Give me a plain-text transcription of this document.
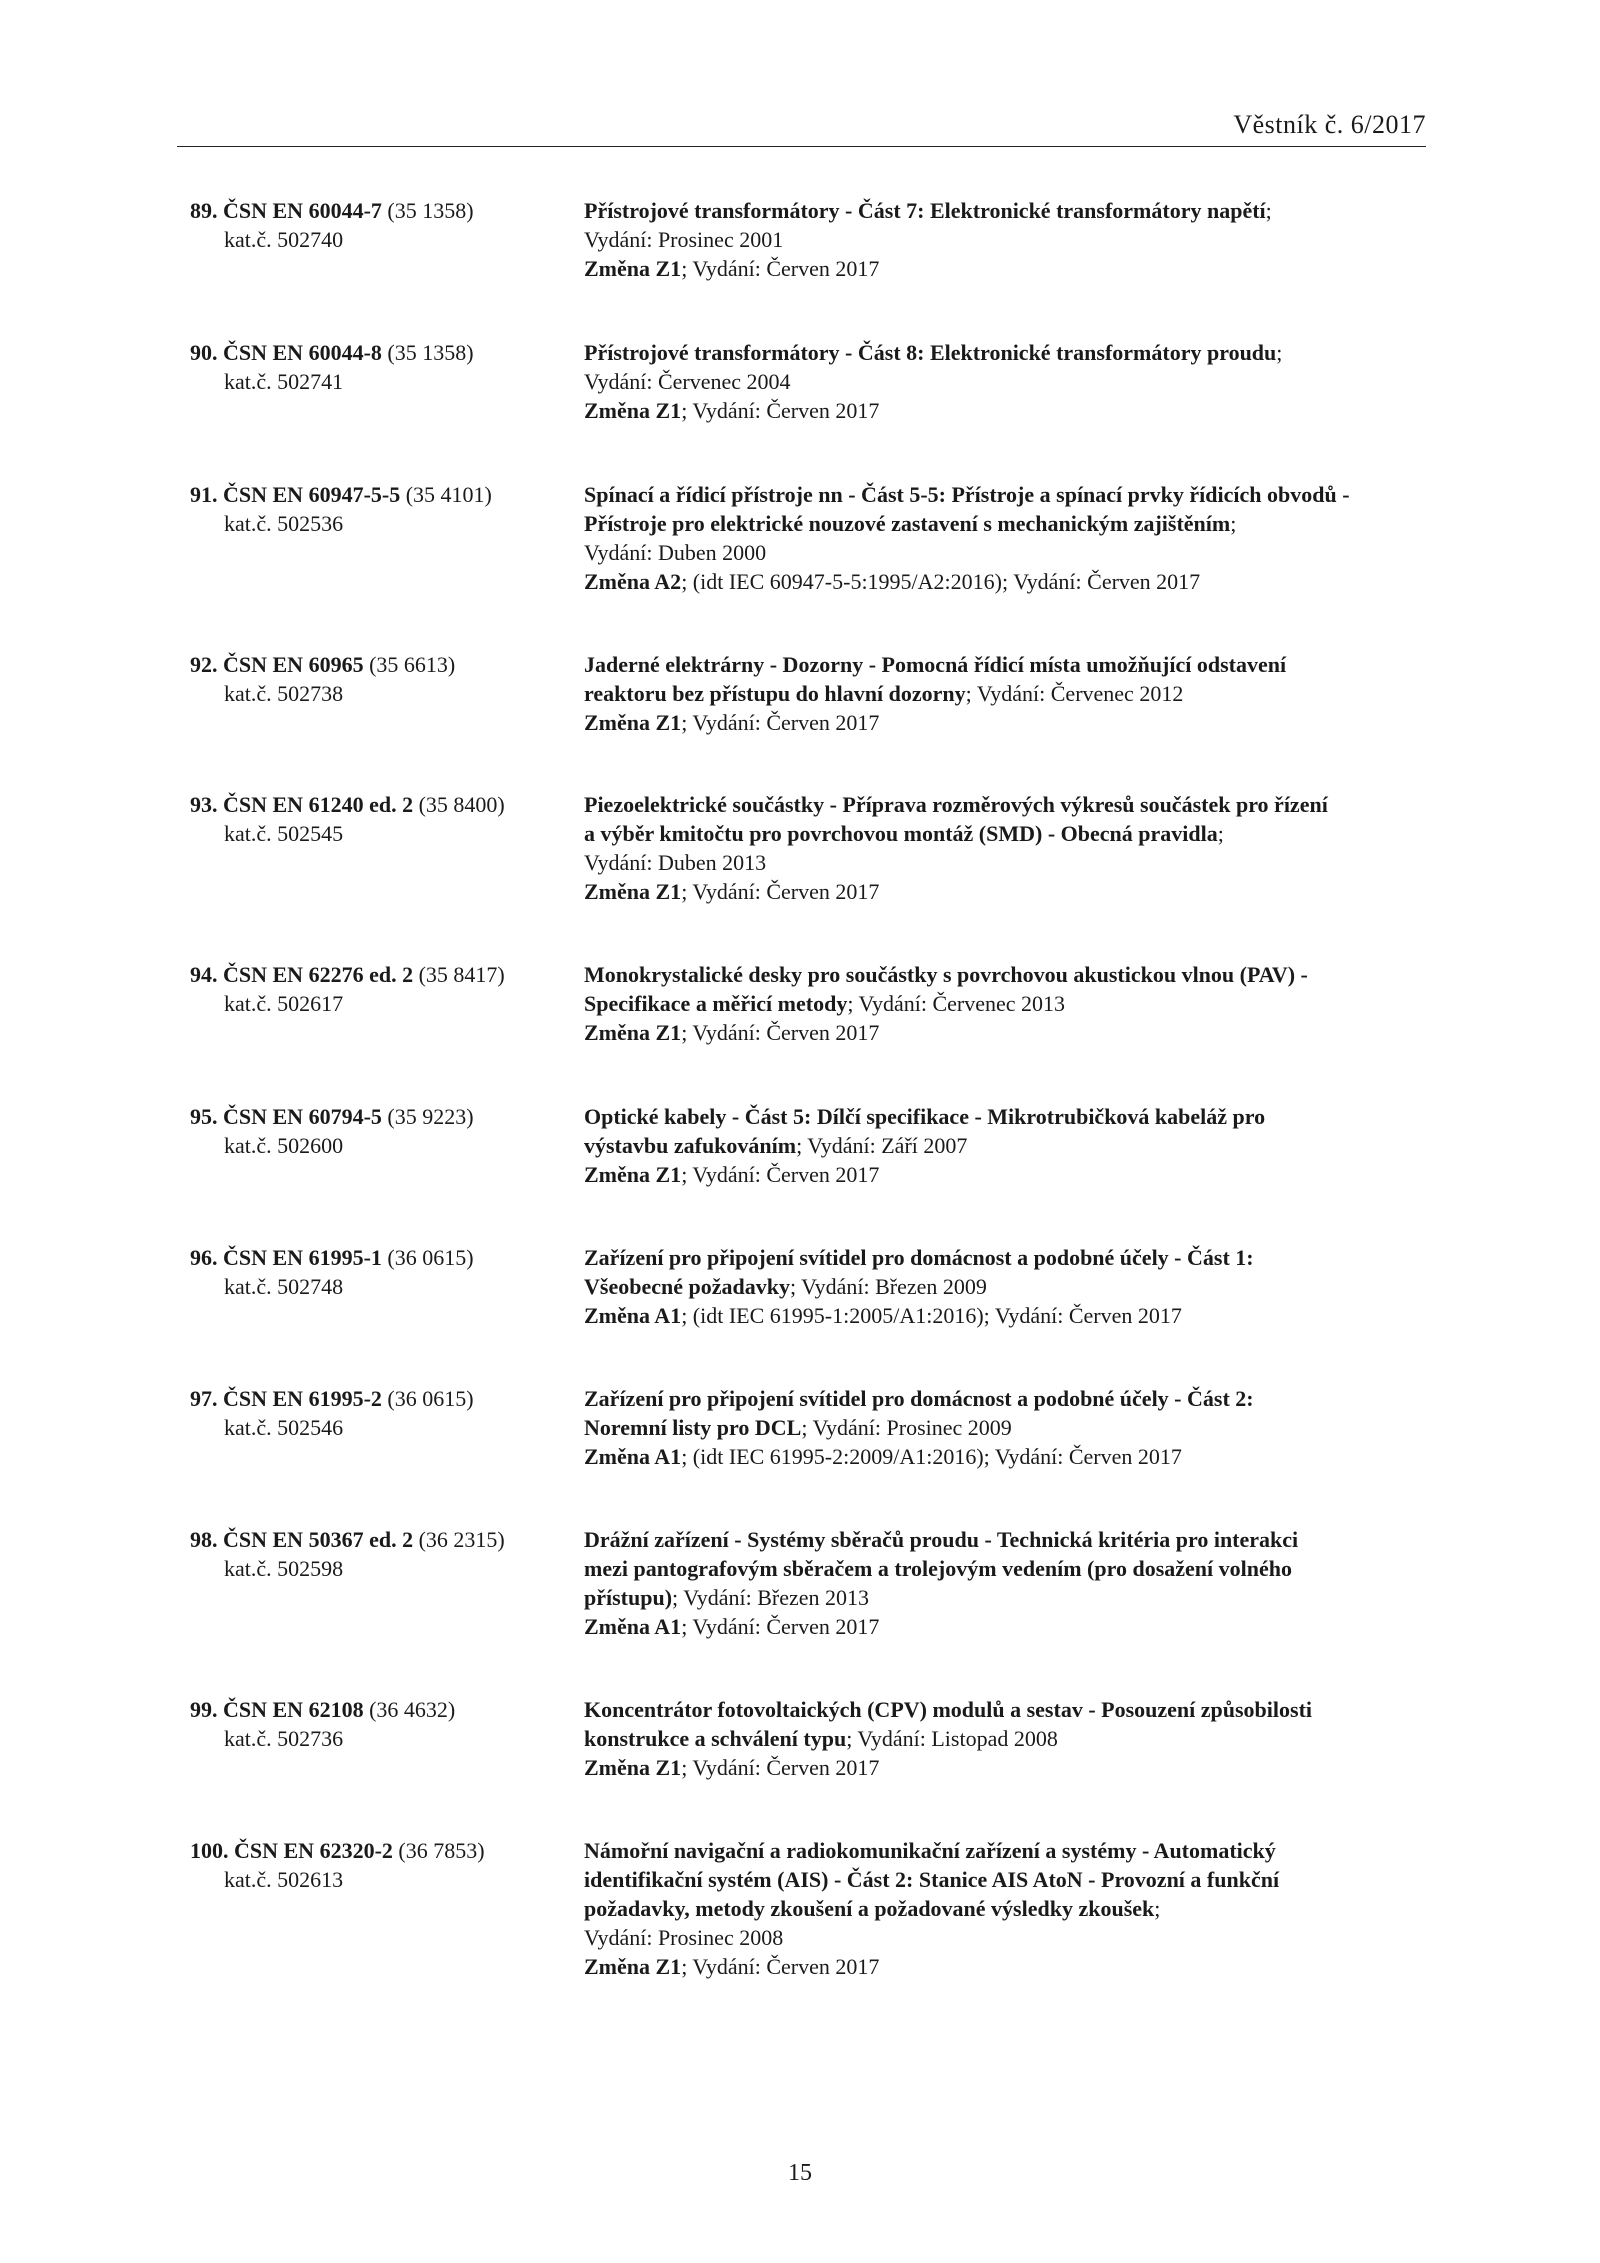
Věstník č. 6/2017
89. ČSN EN 60044-7 (35 1358)
kat.č. 502740
Přístrojové transformátory - Část 7: Elektronické transformátory napětí;
Vydání: Prosinec 2001
Změna Z1; Vydání: Červen 2017
90. ČSN EN 60044-8 (35 1358)
kat.č. 502741
Přístrojové transformátory - Část 8: Elektronické transformátory proudu;
Vydání: Červenec 2004
Změna Z1; Vydání: Červen 2017
91. ČSN EN 60947-5-5 (35 4101)
kat.č. 502536
Spínací a řídicí přístroje nn - Část 5-5: Přístroje a spínací prvky řídicích obvodů -
Přístroje pro elektrické nouzové zastavení s mechanickým zajištěním;
Vydání: Duben 2000
Změna A2; (idt IEC 60947-5-5:1995/A2:2016); Vydání: Červen 2017
92. ČSN EN 60965 (35 6613)
kat.č. 502738
Jaderné elektrárny - Dozorny - Pomocná řídicí místa umožňující odstavení
reaktoru bez přístupu do hlavní dozorny; Vydání: Červenec 2012
Změna Z1; Vydání: Červen 2017
93. ČSN EN 61240 ed. 2 (35 8400)
kat.č. 502545
Piezoelektrické součástky - Příprava rozměrových výkresů součástek pro řízení
a výběr kmitočtu pro povrchovou montáž (SMD) - Obecná pravidla;
Vydání: Duben 2013
Změna Z1; Vydání: Červen 2017
94. ČSN EN 62276 ed. 2 (35 8417)
kat.č. 502617
Monokrystalické desky pro součástky s povrchovou akustickou vlnou (PAV) -
Specifikace a měřicí metody; Vydání: Červenec 2013
Změna Z1; Vydání: Červen 2017
95. ČSN EN 60794-5 (35 9223)
kat.č. 502600
Optické kabely - Část 5: Dílčí specifikace - Mikrotrubičková kabeláž pro
výstavbu zafukováním; Vydání: Září 2007
Změna Z1; Vydání: Červen 2017
96. ČSN EN 61995-1 (36 0615)
kat.č. 502748
Zařízení pro připojení svítidel pro domácnost a podobné účely - Část 1:
Všeobecné požadavky; Vydání: Březen 2009
Změna A1; (idt IEC 61995-1:2005/A1:2016); Vydání: Červen 2017
97. ČSN EN 61995-2 (36 0615)
kat.č. 502546
Zařízení pro připojení svítidel pro domácnost a podobné účely - Část 2:
Noremní listy pro DCL; Vydání: Prosinec 2009
Změna A1; (idt IEC 61995-2:2009/A1:2016); Vydání: Červen 2017
98. ČSN EN 50367 ed. 2 (36 2315)
kat.č. 502598
Drážní zařízení - Systémy sběračů proudu - Technická kritéria pro interakci
mezi pantografovým sběračem a trolejovým vedením (pro dosažení volného
přístupu); Vydání: Březen 2013
Změna A1; Vydání: Červen 2017
99. ČSN EN 62108 (36 4632)
kat.č. 502736
Koncentrátor fotovoltaických (CPV) modulů a sestav - Posouzení způsobilosti
konstrukce a schválení typu; Vydání: Listopad 2008
Změna Z1; Vydání: Červen 2017
100. ČSN EN 62320-2 (36 7853)
kat.č. 502613
Námořní navigační a radiokomunikační zařízení a systémy - Automatický
identifikační systém (AIS) - Část 2: Stanice AIS AtoN - Provozní a funkční
požadavky, metody zkoušení a požadované výsledky zkoušek;
Vydání: Prosinec 2008
Změna Z1; Vydání: Červen 2017
15
